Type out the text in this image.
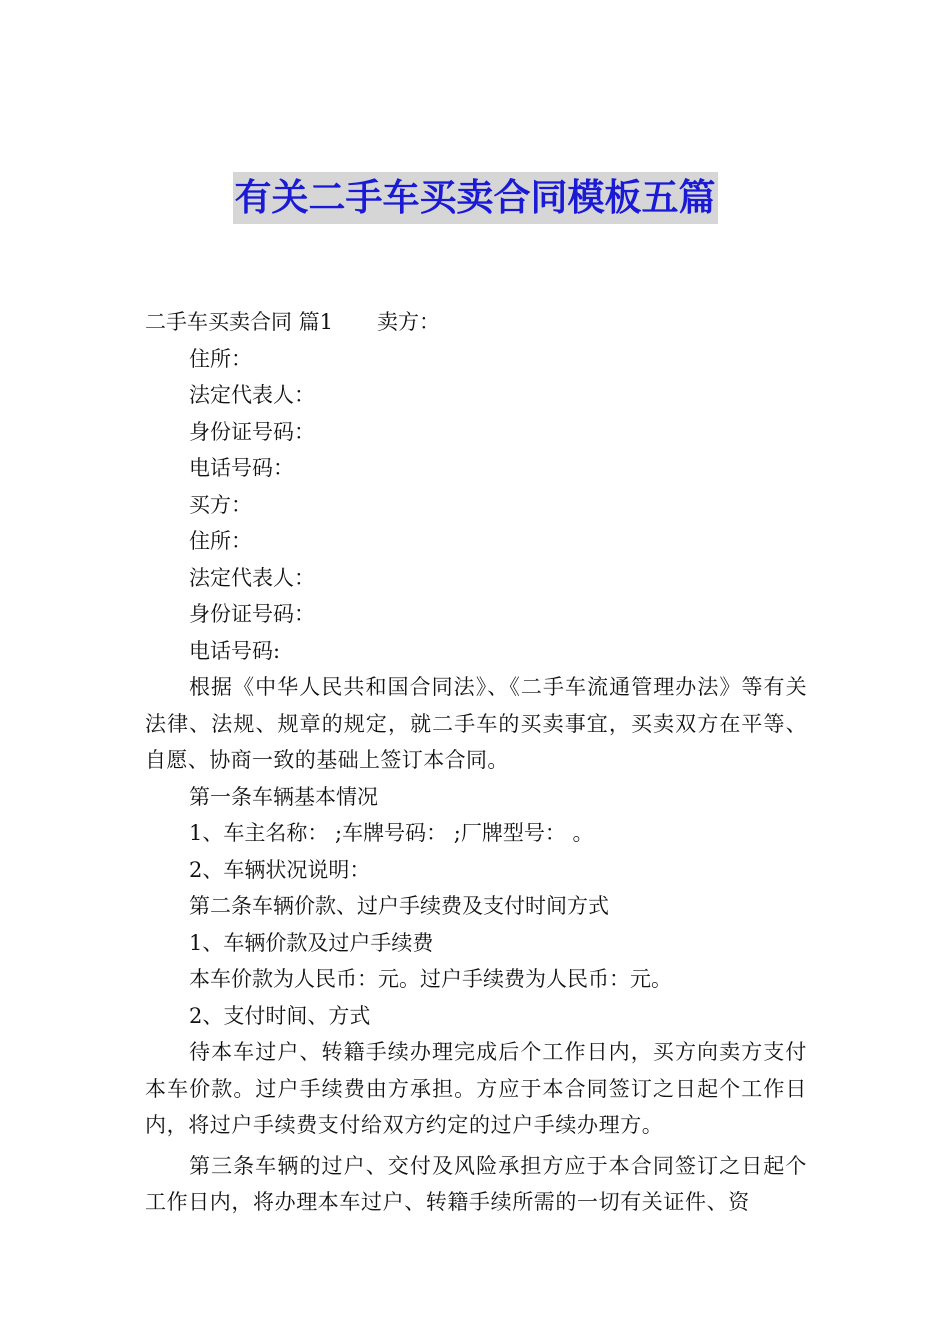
有关二手车买卖合同模板五篇
二手车买卖合同 篇1 卖方：
住所：
法定代表人：
身份证号码：
电话号码：
买方：
住所：
法定代表人：
身份证号码：
电话号码:
根据《中华人民共和国合同法》、《二手车流通管理办法》等有关法律、法规、规章的规定，就二手车的买卖事宜，买卖双方在平等、自愿、协商一致的基础上签订本合同。
第一条车辆基本情况
1、车主名称： ;车牌号码： ;厂牌型号： 。
2、车辆状况说明：
第二条车辆价款、过户手续费及支付时间方式
1、车辆价款及过户手续费
本车价款为人民币：元。过户手续费为人民币：元。
2、支付时间、方式
待本车过户、转籍手续办理完成后个工作日内，买方向卖方支付本车价款。过户手续费由方承担。方应于本合同签订之日起个工作日内，将过户手续费支付给双方约定的过户手续办理方。
第三条车辆的过户、交付及风险承担方应于本合同签订之日起个工作日内，将办理本车过户、转籍手续所需的一切有关证件、资
